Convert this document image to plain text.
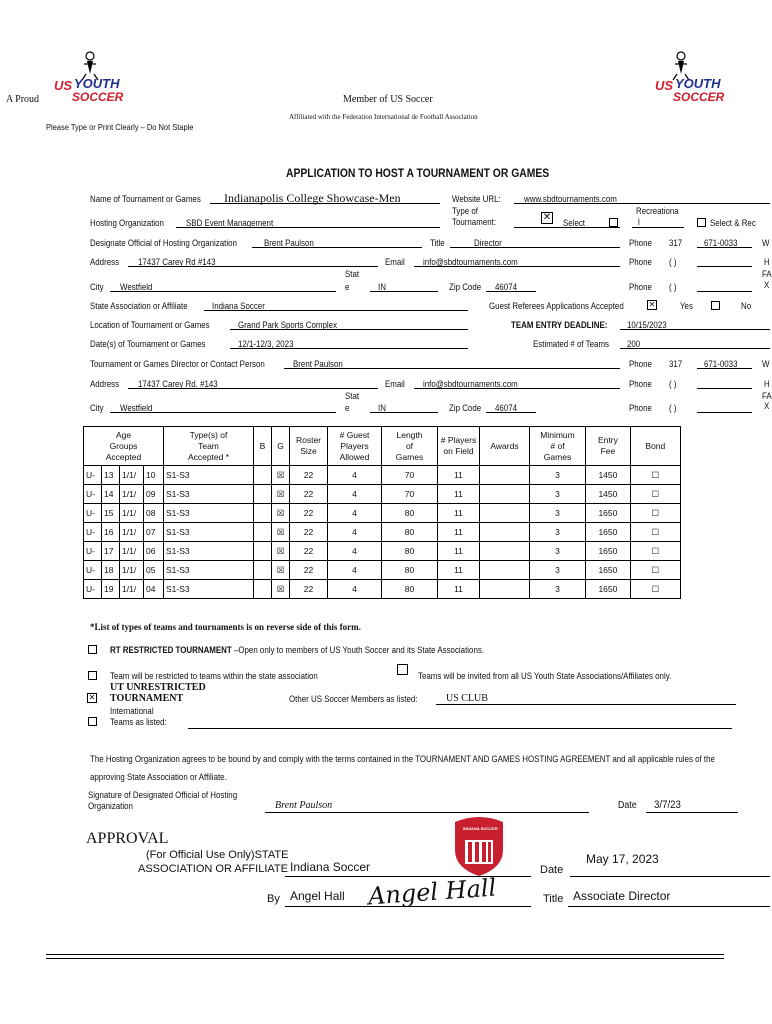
US YOUTH
SOCCER
US YOUTH
SOCCER
A Proud	Member of US Soccer
Affiliated with the Federation International de Football Association
Please Type or Print Clearly – Do Not Staple
APPLICATION TO HOST A TOURNAMENT OR GAMES
Name of Tournament or Games Indianapolis College Showcase-Men	Website URL:	www.sbdtournaments.com
Type of
Tournament:	✕ Select
Recreationa
l	Select & Rec
Hosting Organization SBD Event Management
Designate Official of Hosting Organization	Brent Paulson	Title	Director	Phone 317 671-0033	W
Address 17437 Carey Rd #143	Email info@sbdtournaments.com	Phone ( )	H
FA
Stat
City Westfield	e	IN	Zip Code 46074	Phone ( )	X
State Association or Affiliate	Indiana Soccer	Guest Referees Applications Accepted	✕	Yes	No
Location of Tournament or Games	Grand Park Sports Complex	TEAM ENTRY DEADLINE: 10/15/2023
Date(s) of Tournament or Games	12/1-12/3, 2023	Estimated # of Teams 200
Tournament or Games Director or Contact Person	Brent Paulson	Phone 317 671-0033	W
Address 17437 Carey Rd. #143	Email info@sbdtournaments.com	Phone ( )	H
FA
Stat
City Westfield	e	IN	Zip Code 46074	Phone ( )	X
Age Groups Accepted				Type(s) of Team Accepted *	B	G	Roster Size	# Guest Players Allowed	Length of Games	# Players on Field	Awards	Minimum # of Games	Entry Fee	Bond
U-	13	1/1/	10	S1-S3		☒	22	4	70	11		3	1450	☐
U-	14	1/1/	09	S1-S3		☒	22	4	70	11		3	1450	☐
U-	15	1/1/	08	S1-S3		☒	22	4	80	11		3	1650	☐
U-	16	1/1/	07	S1-S3		☒	22	4	80	11		3	1650	☐
U-	17	1/1/	06	S1-S3		☒	22	4	80	11		3	1650	☐
U-	18	1/1/	05	S1-S3		☒	22	4	80	11		3	1650	☐
U-	19	1/1/	04	S1-S3		☒	22	4	80	11		3	1650	☐
*List of types of teams and tournaments is on reverse side of this form.
RT RESTRICTED TOURNAMENT –Open only to members of US Youth Soccer and its State Associations.
Team will be restricted to teams within the state association	Teams will be invited from all US Youth State Associations/Affiliates only.
UT UNRESTRICTED
✕ TOURNAMENT	Other US Soccer Members as listed:	US CLUB
International
Teams as listed:
The Hosting Organization agrees to be bound by and comply with the terms contained in the TOURNAMENT AND GAMES HOSTING AGREEMENT and all applicable rules of the
approving State Association or Affiliate.
Signature of Designated Official of Hosting
Organization	Brent Paulson	Date 3/7/23
APPROVAL
(For Official Use Only)STATE
ASSOCIATION OR AFFILIATE Indiana Soccer
INDIANA SOCCER
Date
May 17, 2023
By Angel Hall Angel Hall	Title Associate Director
